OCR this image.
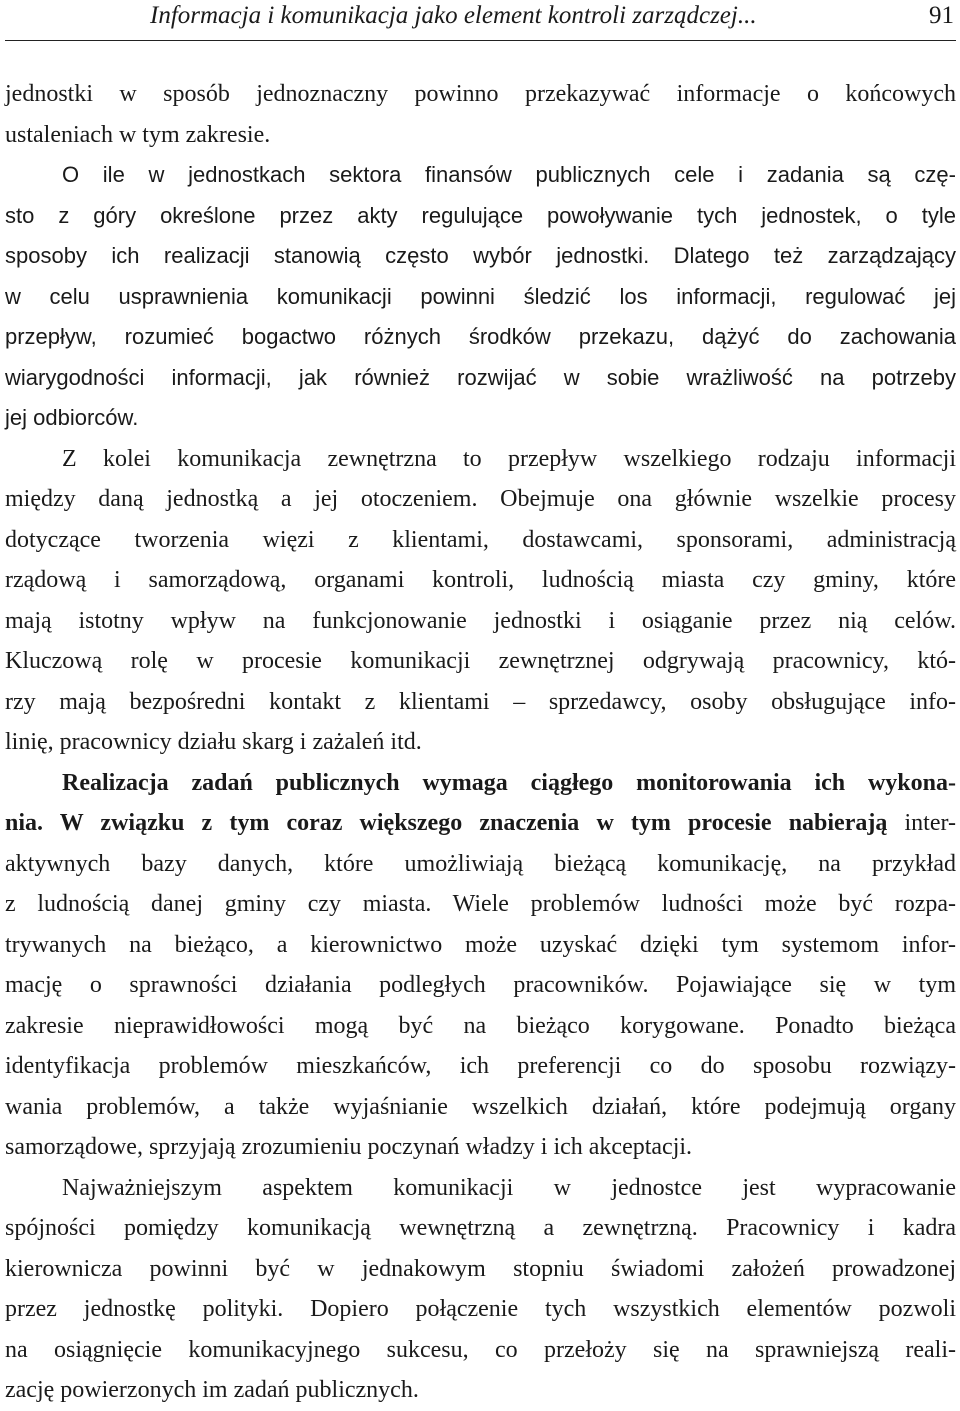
Informacja i komunikacja jako element kontroli zarządczej...	91
jednostki w sposób jednoznaczny powinno przekazywać informacje o końcowych
ustaleniach w tym zakresie.
O ile w jednostkach sektora finansów publicznych cele i zadania są czę-
sto z góry określone przez akty regulujące powoływanie tych jednostek, o tyle
sposoby ich realizacji stanowią często wybór jednostki. Dlatego też zarządzający
w celu usprawnienia komunikacji powinni śledzić los informacji, regulować jej
przepływ, rozumieć bogactwo różnych środków przekazu, dążyć do zachowania
wiarygodności informacji, jak również rozwijać w sobie wrażliwość na potrzeby
jej odbiorców.
Z kolei komunikacja zewnętrzna to przepływ wszelkiego rodzaju informacji
między daną jednostką a jej otoczeniem. Obejmuje ona głównie wszelkie procesy
dotyczące tworzenia więzi z klientami, dostawcami, sponsorami, administracją
rządową i samorządową, organami kontroli, ludnością miasta czy gminy, które
mają istotny wpływ na funkcjonowanie jednostki i osiąganie przez nią celów.
Kluczową rolę w procesie komunikacji zewnętrznej odgrywają pracownicy, któ-
rzy mają bezpośredni kontakt z klientami – sprzedawcy, osoby obsługujące info-
linię, pracownicy działu skarg i zażaleń itd.
Realizacja zadań publicznych wymaga ciągłego monitorowania ich wykona-
nia. W związku z tym coraz większego znaczenia w tym procesie nabierają inter-
aktywnych bazy danych, które umożliwiają bieżącą komunikację, na przykład
z ludnością danej gminy czy miasta. Wiele problemów ludności może być rozpa-
trywanych na bieżąco, a kierownictwo może uzyskać dzięki tym systemom infor-
mację o sprawności działania podległych pracowników. Pojawiające się w tym
zakresie nieprawidłowości mogą być na bieżąco korygowane. Ponadto bieżąca
identyfikacja problemów mieszkańców, ich preferencji co do sposobu rozwiązy-
wania problemów, a także wyjaśnianie wszelkich działań, które podejmują organy
samorządowe, sprzyjają zrozumieniu poczynań władzy i ich akceptacji.
Najważniejszym aspektem komunikacji w jednostce jest wypracowanie
spójności pomiędzy komunikacją wewnętrzną a zewnętrzną. Pracownicy i kadra
kierownicza powinni być w jednakowym stopniu świadomi założeń prowadzonej
przez jednostkę polityki. Dopiero połączenie tych wszystkich elementów pozwoli
na osiągnięcie komunikacyjnego sukcesu, co przełoży się na sprawniejszą reali-
zację powierzonych im zadań publicznych.
